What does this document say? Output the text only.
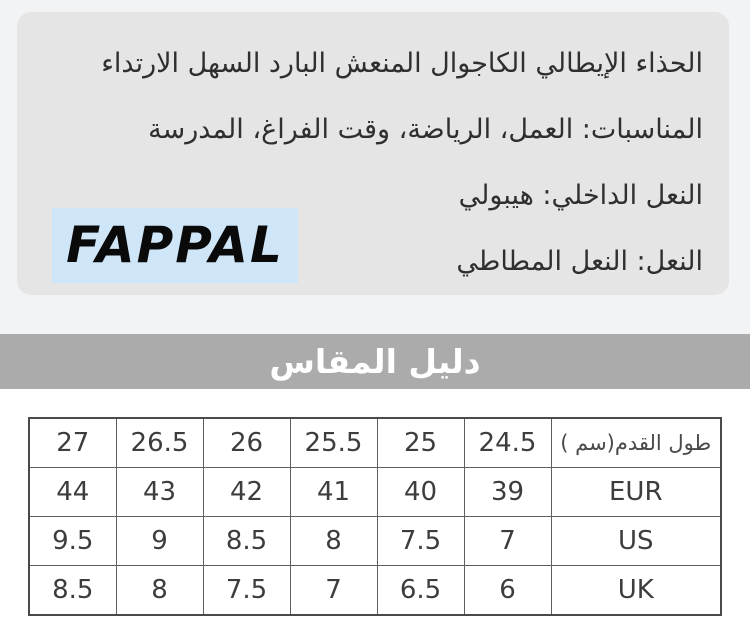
الحذاء الإيطالي الكاجوال المنعش البارد السهل الارتداء
المناسبات: العمل، الرياضة، وقت الفراغ، المدرسة
النعل الداخلي: هيبولي
النعل: النعل المطاطي
FAPPAL
دليل المقاس
27	26.5	26	25.5	25	24.5	طول القدم(سم )
44	43	42	41	40	39	EUR
9.5	9	8.5	8	7.5	7	US
8.5	8	7.5	7	6.5	6	UK
